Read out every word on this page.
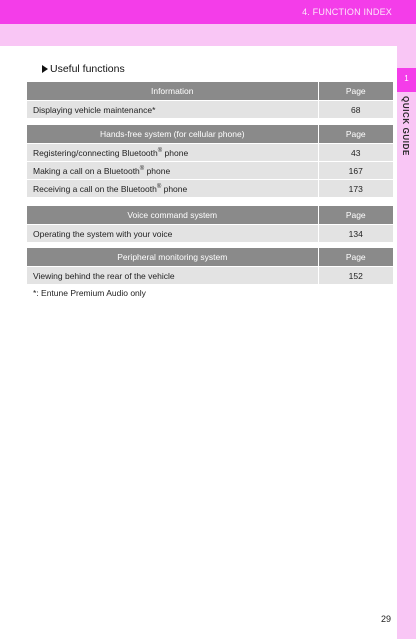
4. FUNCTION INDEX
1
QUICK GUIDE
Useful functions
Information	Page
Displaying vehicle maintenance*	68
Hands-free system (for cellular phone)	Page
Registering/connecting Bluetooth® phone	43
Making a call on a Bluetooth® phone	167
Receiving a call on the Bluetooth® phone	173
Voice command system	Page
Operating the system with your voice	134
Peripheral monitoring system	Page
Viewing behind the rear of the vehicle	152
*: Entune Premium Audio only
29
